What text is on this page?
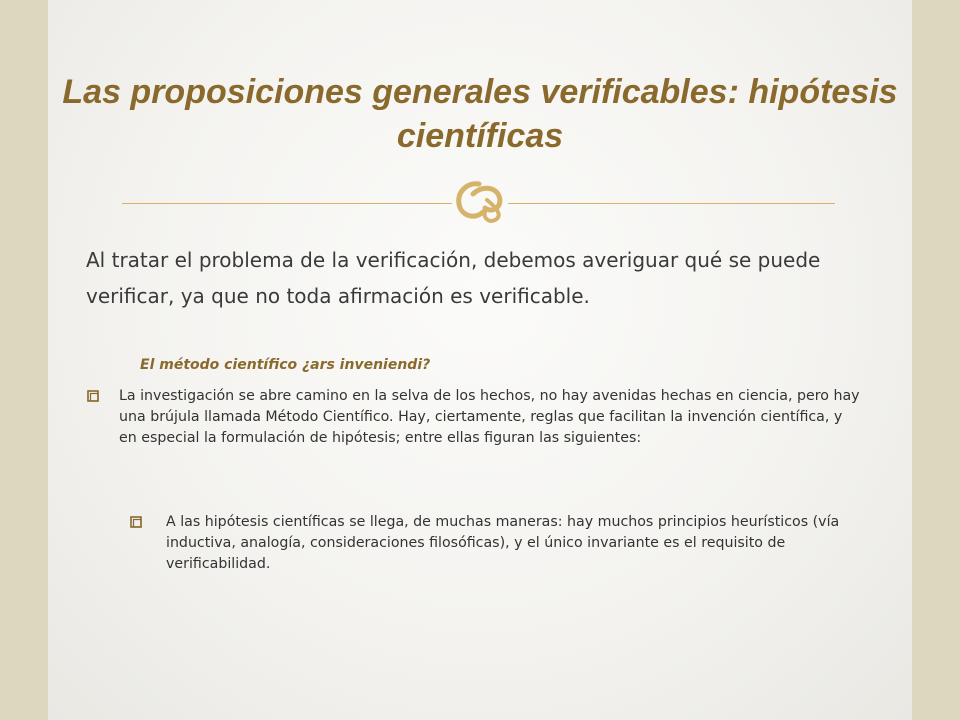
Las proposiciones generales verificables: hipótesis científicas
Al tratar el problema de la verificación, debemos averiguar qué se puede verificar, ya que no toda afirmación es verificable.
El método científico ¿ars inveniendi?
La investigación se abre camino en la selva de los hechos, no hay avenidas hechas en ciencia, pero hay una brújula llamada Método Científico. Hay, ciertamente, reglas que facilitan la invención científica, y en especial la formulación de hipótesis; entre ellas figuran las siguientes:
A las hipótesis científicas se llega, de muchas maneras: hay muchos principios heurísticos (vía inductiva, analogía, consideraciones filosóficas), y el único invariante es el requisito de verificabilidad.
